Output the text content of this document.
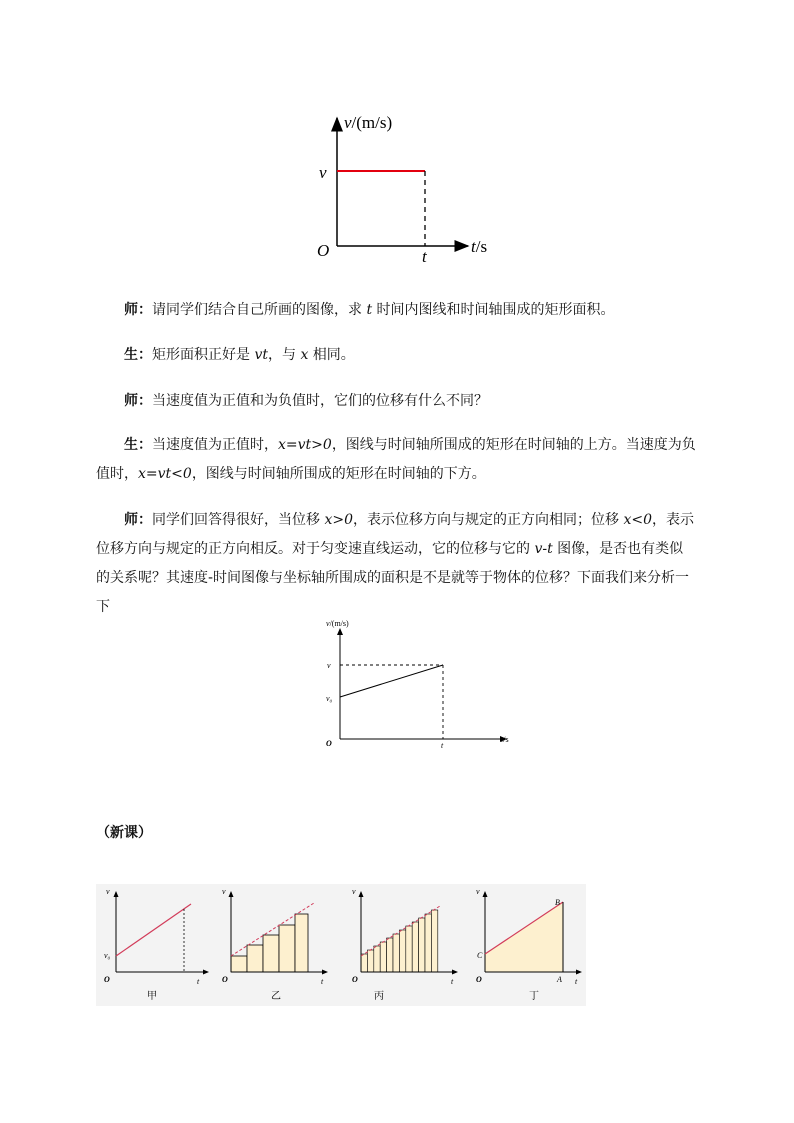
v/(m/s)
v
O	t
t/s
师：请同学们结合自己所画的图像，求 t 时间内图线和时间轴围成的矩形面积。
生：矩形面积正好是 vt，与 x 相同。
师：当速度值为正值和为负值时，它们的位移有什么不同？
生：当速度值为正值时，x=vt>0，图线与时间轴所围成的矩形在时间轴的上方。当速度为负值时，x=vt<0，图线与时间轴所围成的矩形在时间轴的下方。
师：同学们回答得很好，当位移 x>0，表示位移方向与规定的正方向相同；位移 x<0，表示位移方向与规定的正方向相反。对于匀变速直线运动，它的位移与它的 v-t 图像，是否也有类似的关系呢？其速度-时间图像与坐标轴所围成的面积是不是就等于物体的位移？下面我们来分析一下
v/(m/s)
v
v₀
O	t
t/s
（新课）
v
v₀
O	t
甲
v
O	t
乙
v
O	t
丙
v
B
C
O	A t
丁
